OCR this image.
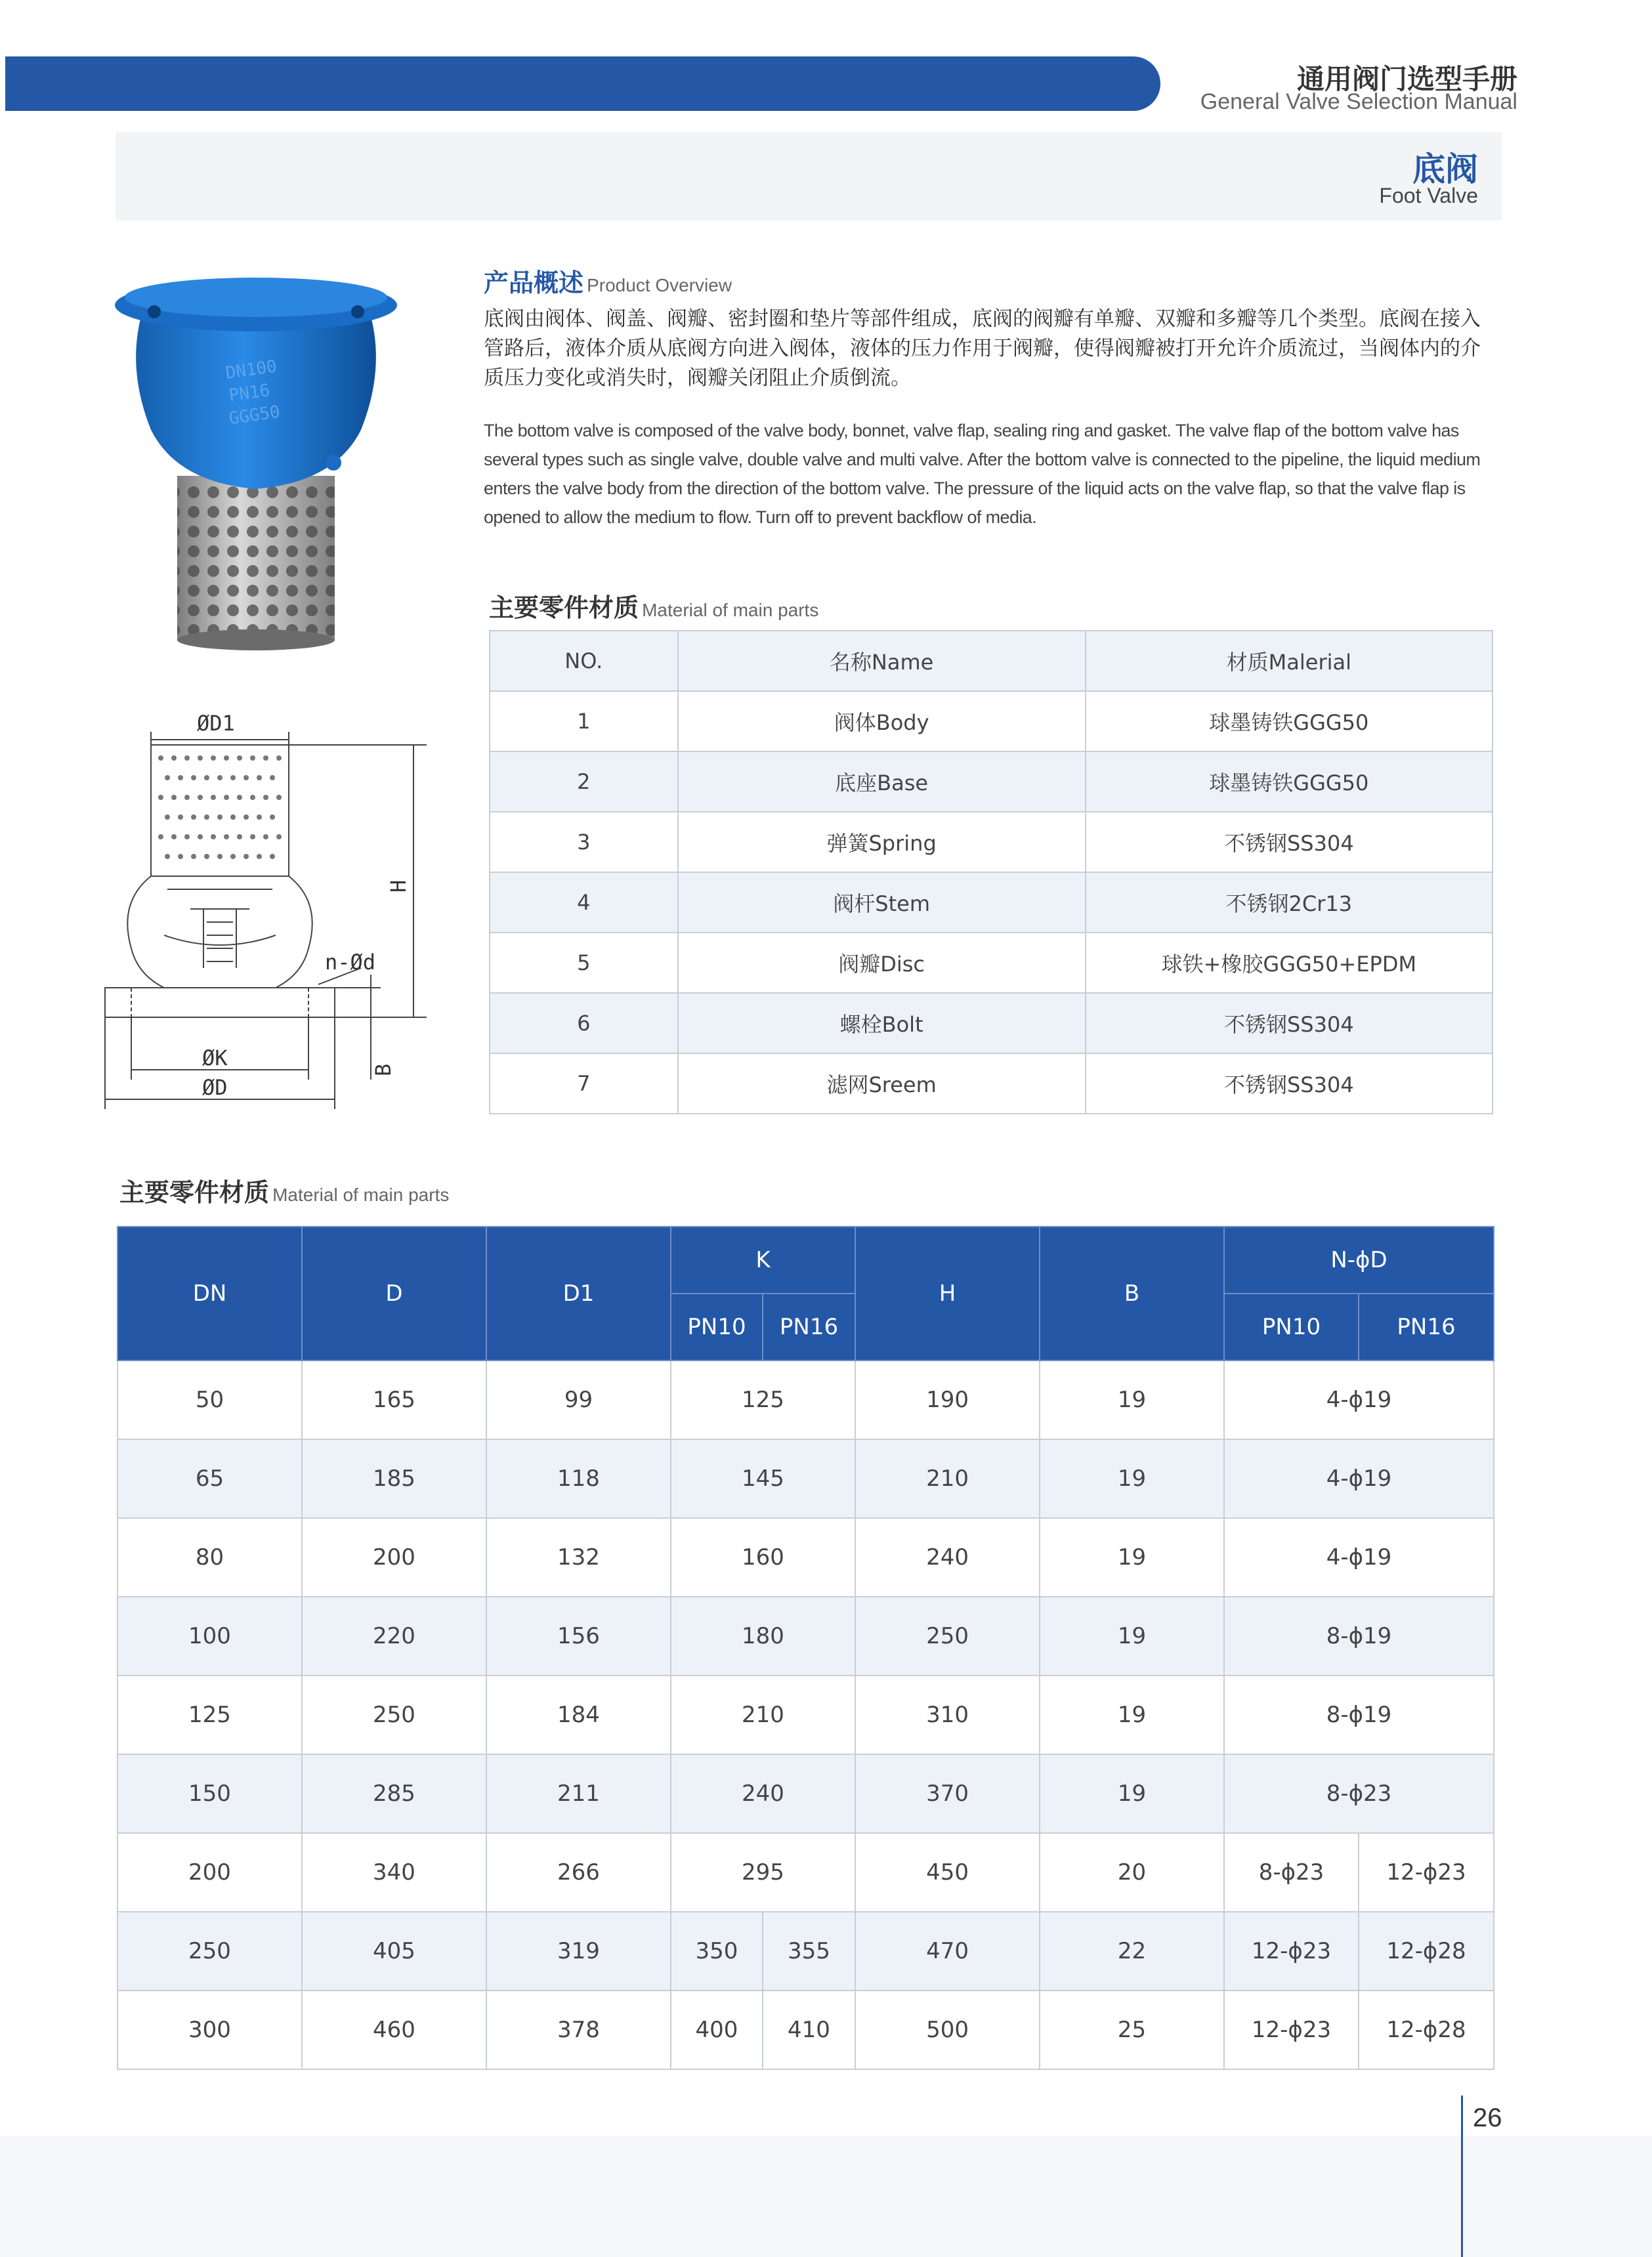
通用阀门选型手册
General Valve Selection Manual
底阀
Foot Valve
DN100
PN16
GGG50
ØD1
H
n-Ød
ØK
ØD
B
产品概述 Product Overview
底阀由阀体、阀盖、阀瓣、密封圈和垫片等部件组成，底阀的阀瓣有单瓣、双瓣和多瓣等几个类型。底阀在接入管路后，液体介质从底阀方向进入阀体，液体的压力作用于阀瓣，使得阀瓣被打开允许介质流过，当阀体内的介质压力变化或消失时，阀瓣关闭阻止介质倒流。
The bottom valve is composed of the valve body, bonnet, valve flap, sealing ring and gasket. The valve flap of the bottom valve has several types such as single valve, double valve and multi valve. After the bottom valve is connected to the pipeline, the liquid medium enters the valve body from the direction of the bottom valve. The pressure of the liquid acts on the valve flap, so that the valve flap is opened to allow the medium to flow. Turn off to prevent backflow of media.
主要零件材质 Material of main parts
NO.	名称Name	材质Malerial
1	阀体Body	球墨铸铁GGG50
2	底座Base	球墨铸铁GGG50
3	弹簧Spring	不锈钢SS304
4	阀杆Stem	不锈钢2Cr13
5	阀瓣Disc	球铁+橡胶GGG50+EPDM
6	螺栓Bolt	不锈钢SS304
7	滤网Sreem	不锈钢SS304
主要零件材质 Material of main parts
DN	D	D1	K		H	B	N-ϕD	
			PN10	PN16			PN10	PN16
50	165	99	125		190	19	4-ϕ19	
65	185	118	145		210	19	4-ϕ19	
80	200	132	160		240	19	4-ϕ19	
100	220	156	180		250	19	8-ϕ19	
125	250	184	210		310	19	8-ϕ19	
150	285	211	240		370	19	8-ϕ23	
200	340	266	295		450	20	8-ϕ23	12-ϕ23
250	405	319	350	355	470	22	12-ϕ23	12-ϕ28
300	460	378	400	410	500	25	12-ϕ23	12-ϕ28
26
